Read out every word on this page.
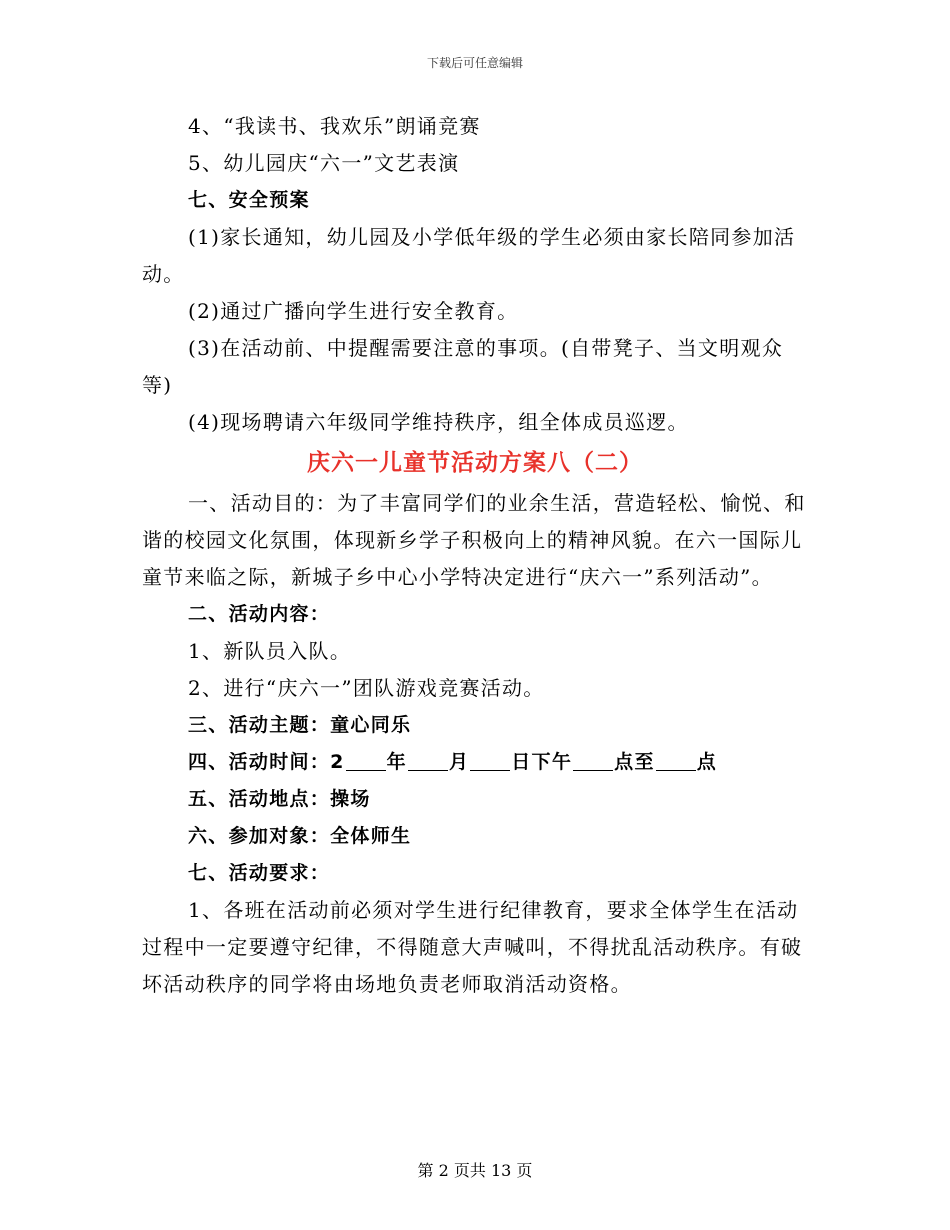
下载后可任意编辑

4、“我读书、我欢乐”朗诵竞赛

5、幼儿园庆“六一”文艺表演

七、安全预案

(1)家长通知，幼儿园及小学低年级的学生必须由家长陪同参加活动。

(2)通过广播向学生进行安全教育。

(3)在活动前、中提醒需要注意的事项。(自带凳子、当文明观众等)

(4)现场聘请六年级同学维持秩序，组全体成员巡逻。

庆六一儿童节活动方案八（二）

一、活动目的：为了丰富同学们的业余生活，营造轻松、愉悦、和谐的校园文化氛围，体现新乡学子积极向上的精神风貌。在六一国际儿童节来临之际，新城子乡中心小学特决定进行“庆六一”系列活动”。

二、活动内容：

1、新队员入队。

2、进行“庆六一”团队游戏竞赛活动。

三、活动主题：童心同乐

四、活动时间：2 年 月 日下午 点至 点

五、活动地点：操场

六、参加对象：全体师生

七、活动要求：

1、各班在活动前必须对学生进行纪律教育，要求全体学生在活动过程中一定要遵守纪律，不得随意大声喊叫，不得扰乱活动秩序。有破坏活动秩序的同学将由场地负责老师取消活动资格。

第 2 页共 13 页
